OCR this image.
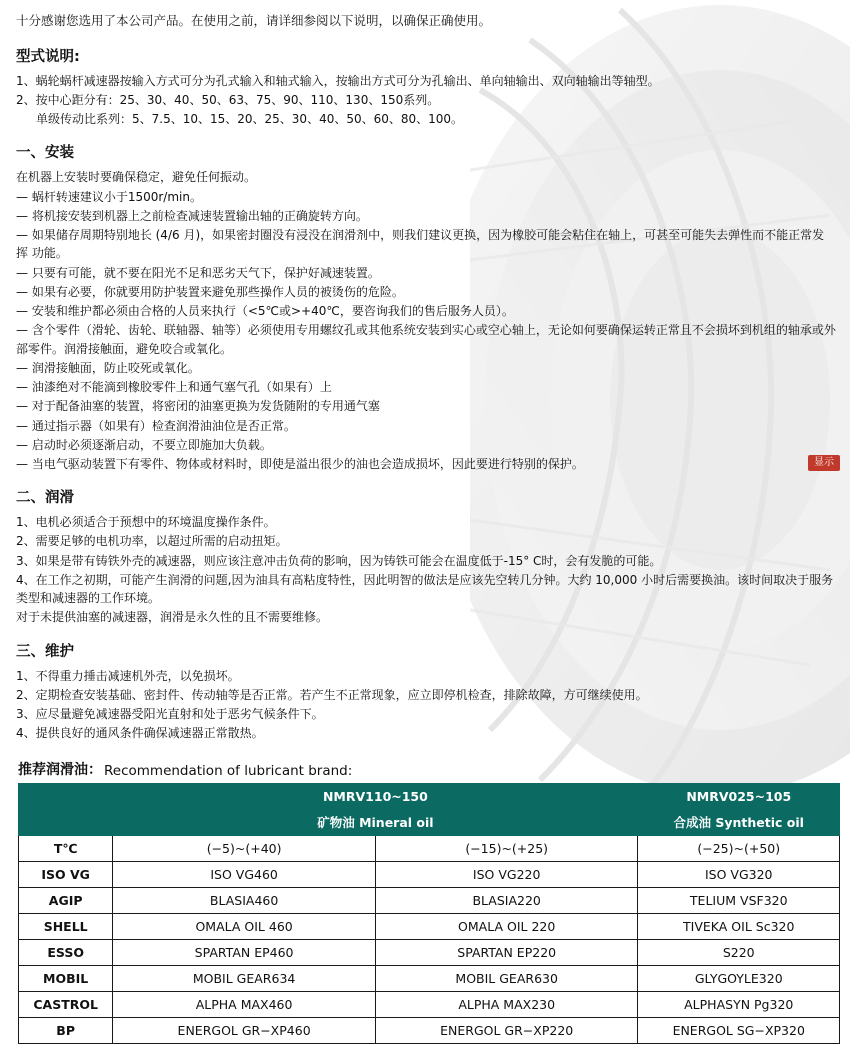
十分感谢您选用了本公司产品。在使用之前，请详细参阅以下说明，以确保正确使用。
型式说明:
1、蜗轮蜗杆减速器按输入方式可分为孔式输入和轴式输入，按输出方式可分为孔输出、单向轴输出、双向轴输出等轴型。
2、按中心距分有：25、30、40、50、63、75、90、110、130、150系列。
单级传动比系列：5、7.5、10、15、20、25、30、40、50、60、80、100。
一、安装
在机器上安装时要确保稳定，避免任何振动。
— 蜗杆转速建议小于1500r/min。
— 将机接安装到机器上之前检查减速装置输出轴的正确旋转方向。
— 如果储存周期特别地长 (4/6 月)，如果密封圈没有浸没在润滑剂中，则我们建议更换，因为橡胶可能会粘住在轴上，可甚至可能失去弹性而不能正常发挥 功能。
— 只要有可能，就不要在阳光不足和恶劣天气下，保护好减速装置。
— 如果有必要，你就要用防护装置来避免那些操作人员的被烫伤的危险。
— 安装和维护都必须由合格的人员来执行（<5℃或>+40℃，要咨询我们的售后服务人员）。
— 含个零件（滑轮、齿轮、联轴器、轴等）必须使用专用螺纹孔或其他系统安装到实心或空心轴上，无论如何要确保运转正常且不会损坏到机组的轴承或外部零件。润滑接触面，避免咬合或氧化。
— 润滑接触面，防止咬死或氧化。
— 油漆绝对不能滴到橡胶零件上和通气塞气孔（如果有）上
— 对于配备油塞的装置，将密闭的油塞更换为发货随附的专用通气塞
— 通过指示器（如果有）检查润滑油油位是否正常。
— 启动时必须逐渐启动，不要立即施加大负载。
— 当电气驱动装置下有零件、物体或材料时，即使是溢出很少的油也会造成损坏，因此要进行特别的保护。
二、润滑
1、电机必须适合于预想中的环境温度操作条件。
2、需要足够的电机功率，以超过所需的启动扭矩。
3、如果是带有铸铁外壳的减速器，则应该注意冲击负荷的影响，因为铸铁可能会在温度低于-15° C时，会有发脆的可能。
4、在工作之初期，可能产生润滑的问题,因为油具有高粘度特性，因此明智的做法是应该先空转几分钟。大约 10,000 小时后需要换油。该时间取决于服务类型和减速器的工作环境。
对于未提供油塞的减速器，润滑是永久性的且不需要维修。
三、维护
1、不得重力捶击减速机外壳，以免损坏。
2、定期检查安装基础、密封件、传动轴等是否正常。若产生不正常现象，应立即停机检查，排除故障，方可继续使用。
3、应尽量避免减速器受阳光直射和处于恶劣气候条件下。
4、提供良好的通风条件确保减速器正常散热。
推荐润滑油： Recommendation of lubricant brand:
	NMRV110~150		NMRV025~105
	矿物油 Mineral oil		合成油 Synthetic oil
T℃	(−5)~(+40)	(−15)~(+25)	(−25)~(+50)
ISO VG	ISO VG460	ISO VG220	ISO VG320
AGIP	BLASIA460	BLASIA220	TELIUM VSF320
SHELL	OMALA OIL 460	OMALA OIL 220	TIVEKA OIL Sc320
ESSO	SPARTAN EP460	SPARTAN EP220	S220
MOBIL	MOBIL GEAR634	MOBIL GEAR630	GLYGOYLE320
CASTROL	ALPHA MAX460	ALPHA MAX230	ALPHASYN Pg320
BP	ENERGOL GR−XP460	ENERGOL GR−XP220	ENERGOL SG−XP320
显示
